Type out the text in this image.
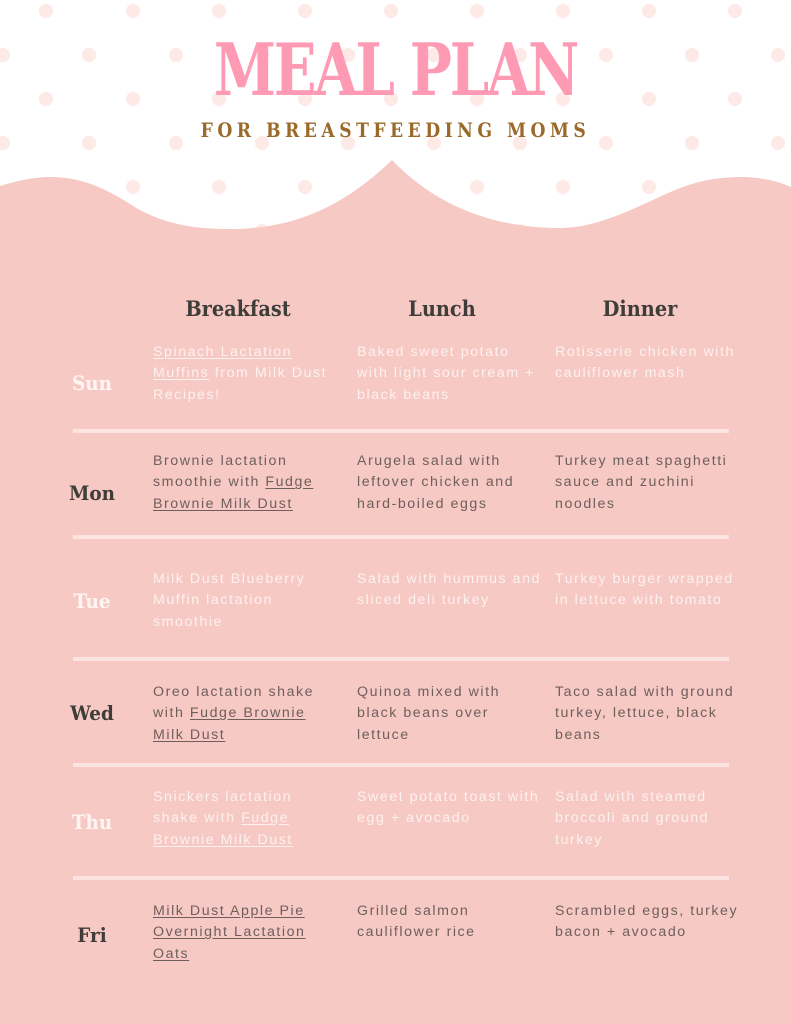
MEAL PLAN
FOR BREASTFEEDING MOMS
Breakfast	Lunch	Dinner
Sun
Spinach Lactation
Muffins from Milk Dust Recipes!
Baked sweet potato with light sour cream + black beans
Rotisserie chicken with cauliflower mash
Mon
Brownie lactation smoothie with Fudge Brownie Milk Dust
Arugela salad with leftover chicken and hard-boiled eggs
Turkey meat spaghetti sauce and zuchini noodles
Tue
Milk Dust Blueberry Muffin lactation smoothie
Salad with hummus and sliced deli turkey
Turkey burger wrapped in lettuce with tomato
Wed
Oreo lactation shake with Fudge Brownie Milk Dust
Quinoa mixed with black beans over lettuce
Taco salad with ground turkey, lettuce, black beans
Thu
Snickers lactation shake with Fudge Brownie Milk Dust
Sweet potato toast with egg + avocado
Salad with steamed broccoli and ground turkey
Fri
Milk Dust Apple Pie Overnight Lactation Oats
Grilled salmon cauliflower rice
Scrambled eggs, turkey bacon + avocado
